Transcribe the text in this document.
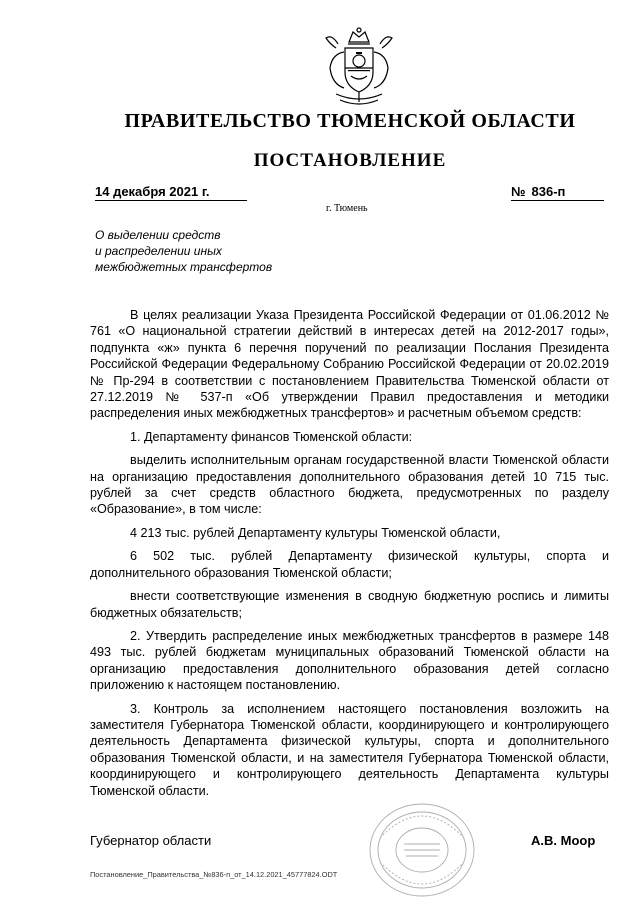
ПРАВИТЕЛЬСТВО ТЮМЕНСКОЙ ОБЛАСТИ
ПОСТАНОВЛЕНИЕ
14 декабря 2021 г.	№ 836-п
г. Тюмень
О выделении средств
и распределении иных
межбюджетных трансфертов

В целях реализации Указа Президента Российской Федерации от 01.06.2012 № 761 «О национальной стратегии действий в интересах детей на 2012-2017 годы», подпункта «ж» пункта 6 перечня поручений по реализации Послания Президента Российской Федерации Федеральному Собранию Российской Федерации от 20.02.2019 № Пр-294 в соответствии с постановлением Правительства Тюменской области от 27.12.2019 № 537-п «Об утверждении Правил предоставления и методики распределения иных межбюджетных трансфертов» и расчетным объемом средств:

1. Департаменту финансов Тюменской области:

выделить исполнительным органам государственной власти Тюменской области на организацию предоставления дополнительного образования детей 10 715 тыс. рублей за счет средств областного бюджета, предусмотренных по разделу «Образование», в том числе:

4 213 тыс. рублей Департаменту культуры Тюменской области,

6 502 тыс. рублей Департаменту физической культуры, спорта и дополнительного образования Тюменской области;

внести соответствующие изменения в сводную бюджетную роспись и лимиты бюджетных обязательств;

2. Утвердить распределение иных межбюджетных трансфертов в размере 148 493 тыс. рублей бюджетам муниципальных образований Тюменской области на организацию предоставления дополнительного образования детей согласно приложению к настоящем постановлению.

3. Контроль за исполнением настоящего постановления возложить на заместителя Губернатора Тюменской области, координирующего и контролирующего деятельность Департамента физической культуры, спорта и дополнительного образования Тюменской области, и на заместителя Губернатора Тюменской области, координирующего и контролирующего деятельность Департамента культуры Тюменской области.

Губернатор области	А.В. Моор
Постановление_Правительства_№836-п_от_14.12.2021_45777824.ODT
